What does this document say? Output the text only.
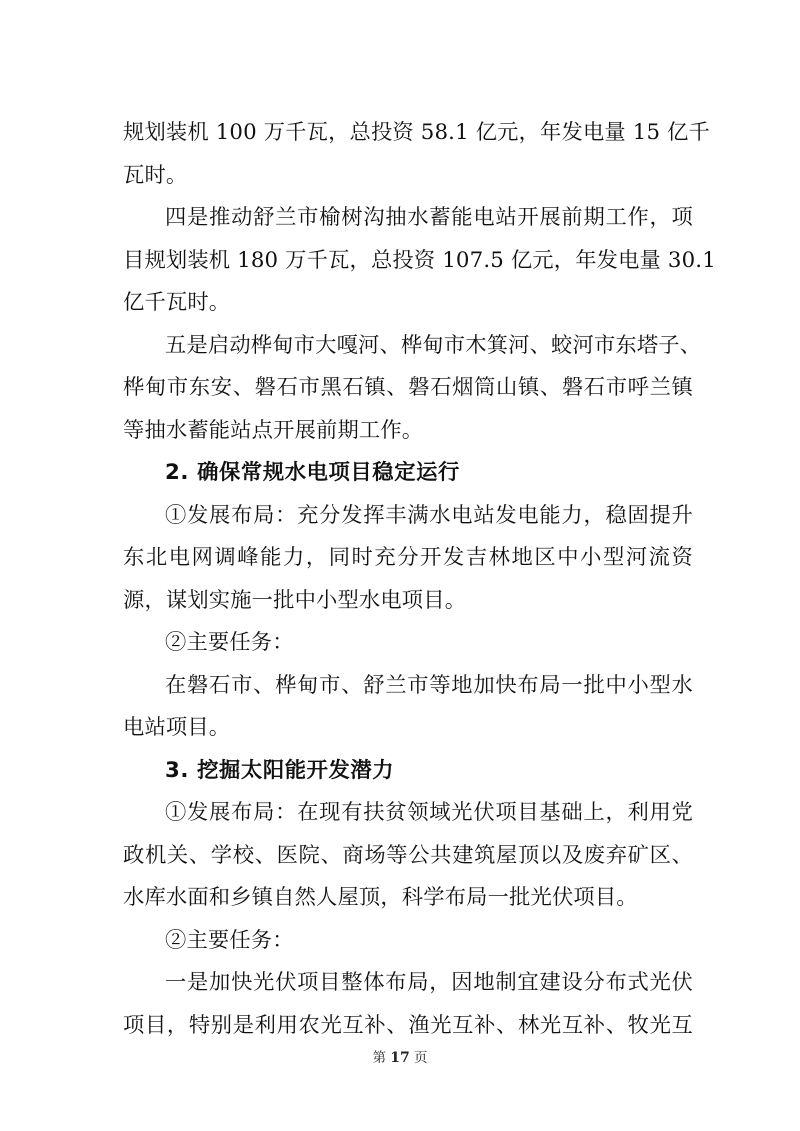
规划装机 100 万千瓦，总投资 58.1 亿元，年发电量 15 亿千
瓦时。
四是推动舒兰市榆树沟抽水蓄能电站开展前期工作，项
目规划装机 180 万千瓦，总投资 107.5 亿元，年发电量 30.1
亿千瓦时。
五是启动桦甸市大嘎河、桦甸市木箕河、蛟河市东塔子、
桦甸市东安、磐石市黑石镇、磐石烟筒山镇、磐石市呼兰镇
等抽水蓄能站点开展前期工作。
2. 确保常规水电项目稳定运行
①发展布局：充分发挥丰满水电站发电能力，稳固提升
东北电网调峰能力，同时充分开发吉林地区中小型河流资
源，谋划实施一批中小型水电项目。
②主要任务：
在磐石市、桦甸市、舒兰市等地加快布局一批中小型水
电站项目。
3. 挖掘太阳能开发潜力
①发展布局：在现有扶贫领域光伏项目基础上，利用党
政机关、学校、医院、商场等公共建筑屋顶以及废弃矿区、
水库水面和乡镇自然人屋顶，科学布局一批光伏项目。
②主要任务：
一是加快光伏项目整体布局，因地制宜建设分布式光伏
项目，特别是利用农光互补、渔光互补、林光互补、牧光互
第 17 页
